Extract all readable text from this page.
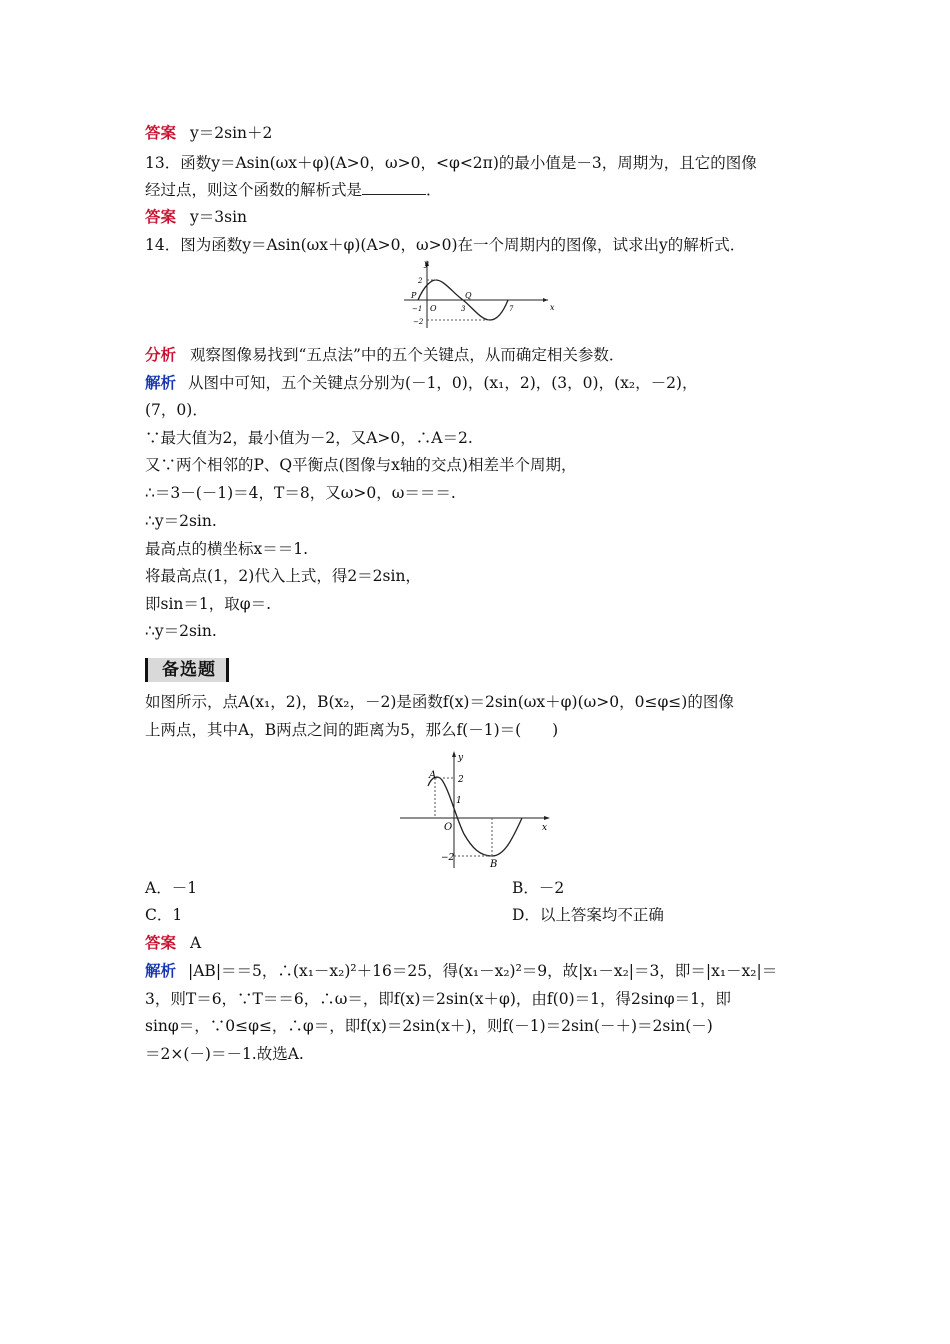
答案 y＝2sin＋2
13．函数y＝Asin(ωx＋φ)(A>0，ω>0，<φ<2π)的最小值是－3，周期为，且它的图像
经过点，则这个函数的解析式是	．
答案 y＝3sin
14．图为函数y＝Asin(ωx＋φ)(A>0，ω>0)在一个周期内的图像，试求出y的解析式．
y
x
O
P	Q
2
−2
−1	3	7
分析 观察图像易找到“五点法”中的五个关键点，从而确定相关参数．
解析 从图中可知，五个关键点分别为(－1，0)，(x₁，2)，(3，0)，(x₂，－2)，
(7，0)．
∵最大值为2，最小值为－2，又A>0，∴A＝2.
又∵两个相邻的P、Q平衡点(图像与x轴的交点)相差半个周期，
∴＝3－(－1)＝4，T＝8，又ω>0，ω＝＝＝.
∴y＝2sin.
最高点的横坐标x＝＝1.
将最高点(1，2)代入上式，得2＝2sin，
即sin＝1，取φ＝.
∴y＝2sin.
备选题
如图所示，点A(x₁，2)，B(x₂，－2)是函数f(x)＝2sin(ωx＋φ)(ω>0，0≤φ≤)的图像
上两点，其中A，B两点之间的距离为5，那么f(－1)＝(　　)
y
x
O
A
B
2
1
−2
A．－1	B．－2
C．1	D．以上答案均不正确
答案 A
解析 |AB|＝＝5，∴(x₁－x₂)²＋16＝25，得(x₁－x₂)²＝9，故|x₁－x₂|＝3，即＝|x₁－x₂|＝
3，则T＝6，∵T＝＝6，∴ω＝，即f(x)＝2sin(x＋φ)，由f(0)＝1，得2sinφ＝1，即
sinφ＝，∵0≤φ≤，∴φ＝，即f(x)＝2sin(x＋)，则f(－1)＝2sin(－＋)＝2sin(－)
＝2×(－)＝－1.故选A.
